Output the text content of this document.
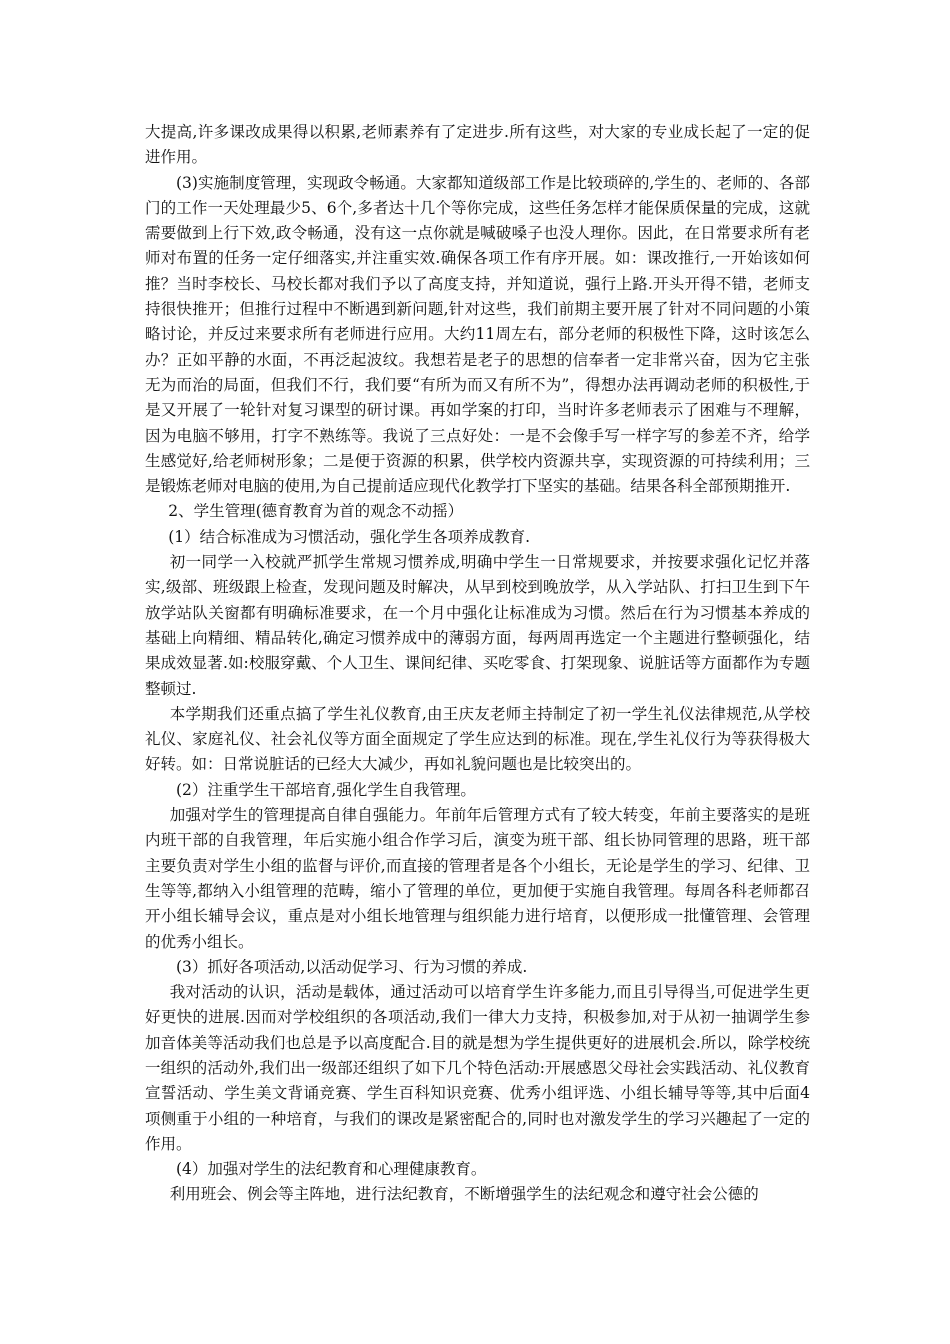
大提高,许多课改成果得以积累,老师素养有了定进步.所有这些，对大家的专业成长起了一定的促进作用。

(3)实施制度管理，实现政令畅通。大家都知道级部工作是比较琐碎的,学生的、老师的、各部门的工作一天处理最少5、6个,多者达十几个等你完成，这些任务怎样才能保质保量的完成，这就需要做到上行下效,政令畅通，没有这一点你就是喊破嗓子也没人理你。因此，在日常要求所有老师对布置的任务一定仔细落实,并注重实效.确保各项工作有序开展。如：课改推行,一开始该如何推？当时李校长、马校长都对我们予以了高度支持，并知道说，强行上路.开头开得不错，老师支持很快推开；但推行过程中不断遇到新问题,针对这些，我们前期主要开展了针对不同问题的小策略讨论，并反过来要求所有老师进行应用。大约11周左右，部分老师的积极性下降，这时该怎么办？正如平静的水面，不再泛起波纹。我想若是老子的思想的信奉者一定非常兴奋，因为它主张无为而治的局面，但我们不行，我们要“有所为而又有所不为”，得想办法再调动老师的积极性,于是又开展了一轮针对复习课型的研讨课。再如学案的打印，当时许多老师表示了困难与不理解，因为电脑不够用，打字不熟练等。我说了三点好处：一是不会像手写一样字写的参差不齐，给学生感觉好,给老师树形象；二是便于资源的积累，供学校内资源共享，实现资源的可持续利用；三是锻炼老师对电脑的使用,为自己提前适应现代化教学打下坚实的基础。结果各科全部预期推开.

2、学生管理(德育教育为首的观念不动摇）

(1）结合标准成为习惯活动，强化学生各项养成教育.

初一同学一入校就严抓学生常规习惯养成,明确中学生一日常规要求，并按要求强化记忆并落实,级部、班级跟上检查，发现问题及时解决，从早到校到晚放学，从入学站队、打扫卫生到下午放学站队关窗都有明确标准要求，在一个月中强化让标准成为习惯。然后在行为习惯基本养成的基础上向精细、精品转化,确定习惯养成中的薄弱方面，每两周再选定一个主题进行整顿强化，结果成效显著.如:校服穿戴、个人卫生、课间纪律、买吃零食、打架现象、说脏话等方面都作为专题整顿过.

本学期我们还重点搞了学生礼仪教育,由王庆友老师主持制定了初一学生礼仪法律规范,从学校礼仪、家庭礼仪、社会礼仪等方面全面规定了学生应达到的标准。现在,学生礼仪行为等获得极大好转。如：日常说脏话的已经大大减少，再如礼貌问题也是比较突出的。

(2）注重学生干部培育,强化学生自我管理。

加强对学生的管理提高自律自强能力。年前年后管理方式有了较大转变，年前主要落实的是班内班干部的自我管理，年后实施小组合作学习后，演变为班干部、组长协同管理的思路，班干部主要负责对学生小组的监督与评价,而直接的管理者是各个小组长，无论是学生的学习、纪律、卫生等等,都纳入小组管理的范畴，缩小了管理的单位，更加便于实施自我管理。每周各科老师都召开小组长辅导会议，重点是对小组长地管理与组织能力进行培育，以便形成一批懂管理、会管理的优秀小组长。

(3）抓好各项活动,以活动促学习、行为习惯的养成.

我对活动的认识，活动是载体，通过活动可以培育学生许多能力,而且引导得当,可促进学生更好更快的进展.因而对学校组织的各项活动,我们一律大力支持，积极参加,对于从初一抽调学生参加音体美等活动我们也总是予以高度配合.目的就是想为学生提供更好的进展机会.所以，除学校统一组织的活动外,我们出一级部还组织了如下几个特色活动:开展感恩父母社会实践活动、礼仪教育宣誓活动、学生美文背诵竞赛、学生百科知识竞赛、优秀小组评选、小组长辅导等等,其中后面4项侧重于小组的一种培育，与我们的课改是紧密配合的,同时也对激发学生的学习兴趣起了一定的作用。

(4）加强对学生的法纪教育和心理健康教育。

利用班会、例会等主阵地，进行法纪教育，不断增强学生的法纪观念和遵守社会公德的
